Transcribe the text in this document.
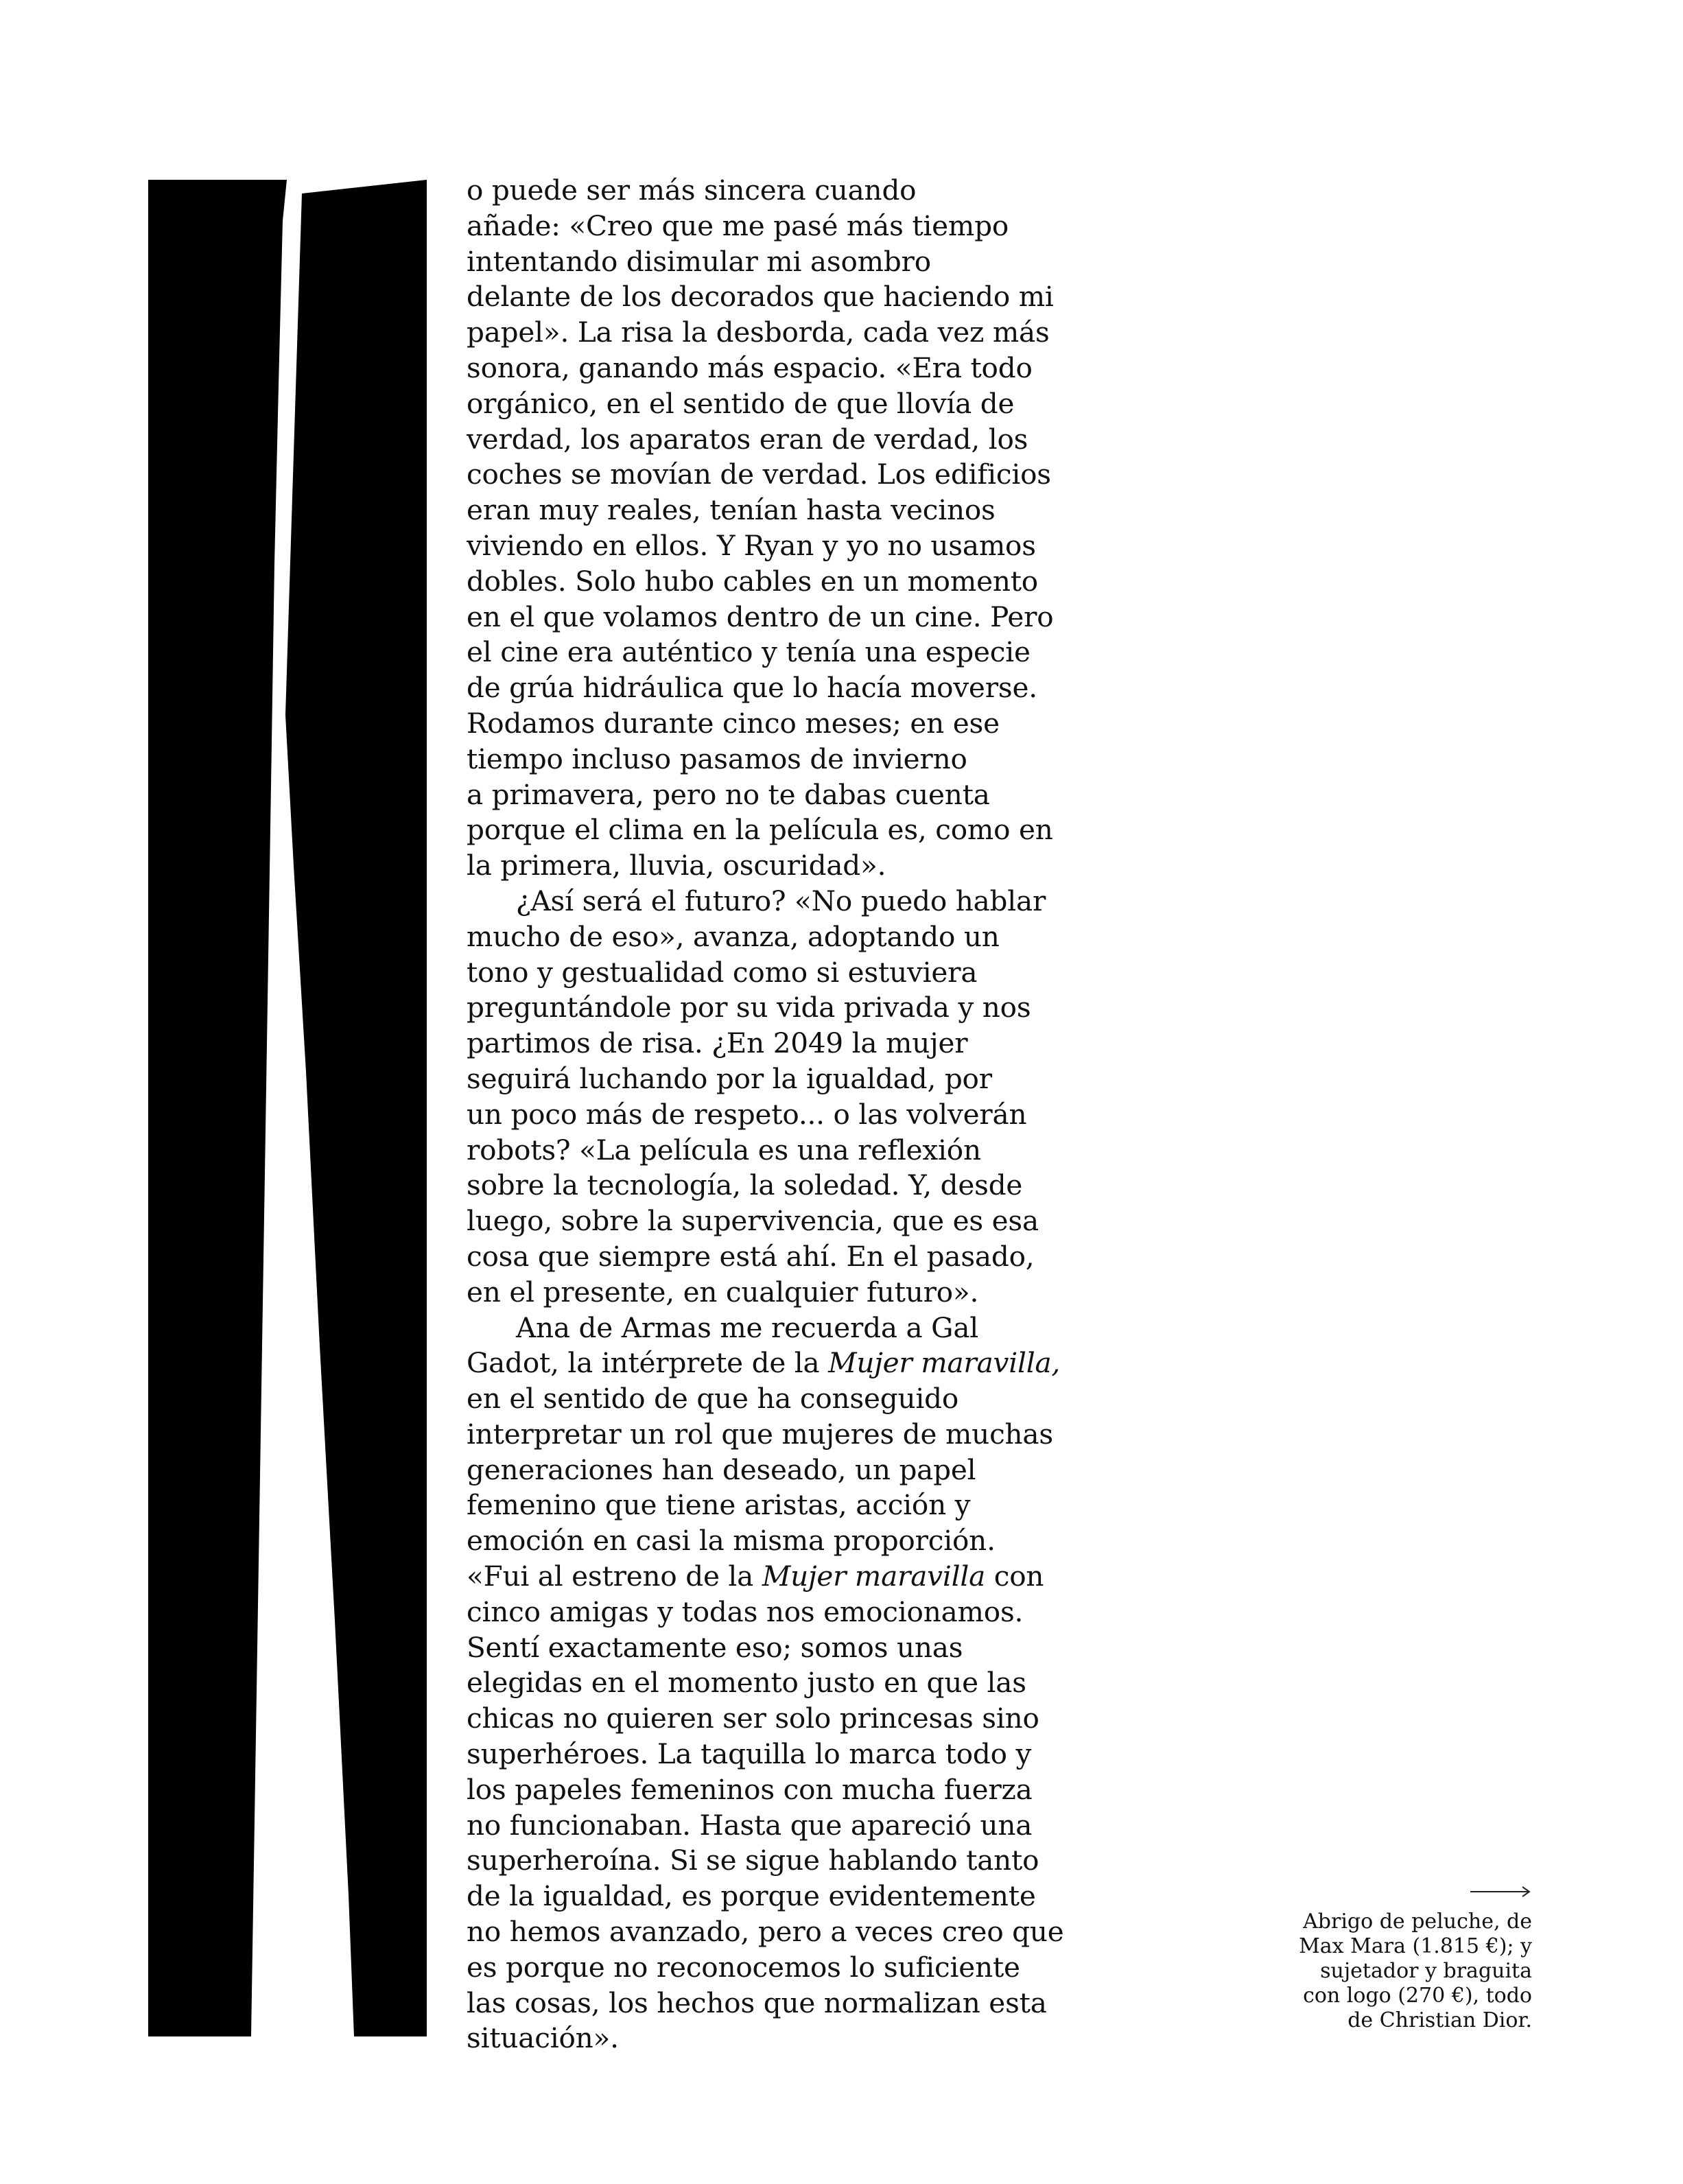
o puede ser más sincera cuando
añade: «Creo que me pasé más tiempo
intentando disimular mi asombro
delante de los decorados que haciendo mi
papel». La risa la desborda, cada vez más
sonora, ganando más espacio. «Era todo
orgánico, en el sentido de que llovía de
verdad, los aparatos eran de verdad, los
coches se movían de verdad. Los edificios
eran muy reales, tenían hasta vecinos
viviendo en ellos. Y Ryan y yo no usamos
dobles. Solo hubo cables en un momento
en el que volamos dentro de un cine. Pero
el cine era auténtico y tenía una especie
de grúa hidráulica que lo hacía moverse.
Rodamos durante cinco meses; en ese
tiempo incluso pasamos de invierno
a primavera, pero no te dabas cuenta
porque el clima en la película es, como en
la primera, lluvia, oscuridad».
¿Así será el futuro? «No puedo hablar
mucho de eso», avanza, adoptando un
tono y gestualidad como si estuviera
preguntándole por su vida privada y nos
partimos de risa. ¿En 2049 la mujer
seguirá luchando por la igualdad, por
un poco más de respeto... o las volverán
robots? «La película es una reflexión
sobre la tecnología, la soledad. Y, desde
luego, sobre la supervivencia, que es esa
cosa que siempre está ahí. En el pasado,
en el presente, en cualquier futuro».
Ana de Armas me recuerda a Gal
Gadot, la intérprete de la Mujer maravilla,
en el sentido de que ha conseguido
interpretar un rol que mujeres de muchas
generaciones han deseado, un papel
femenino que tiene aristas, acción y
emoción en casi la misma proporción.
«Fui al estreno de la Mujer maravilla con
cinco amigas y todas nos emocionamos.
Sentí exactamente eso; somos unas
elegidas en el momento justo en que las
chicas no quieren ser solo princesas sino
superhéroes. La taquilla lo marca todo y
los papeles femeninos con mucha fuerza
no funcionaban. Hasta que apareció una
superheroína. Si se sigue hablando tanto
de la igualdad, es porque evidentemente
no hemos avanzado, pero a veces creo que
es porque no reconocemos lo suficiente
las cosas, los hechos que normalizan esta
situación».
Abrigo de peluche, de
Max Mara (1.815 €); y
sujetador y braguita
con logo (270 €), todo
de Christian Dior.
